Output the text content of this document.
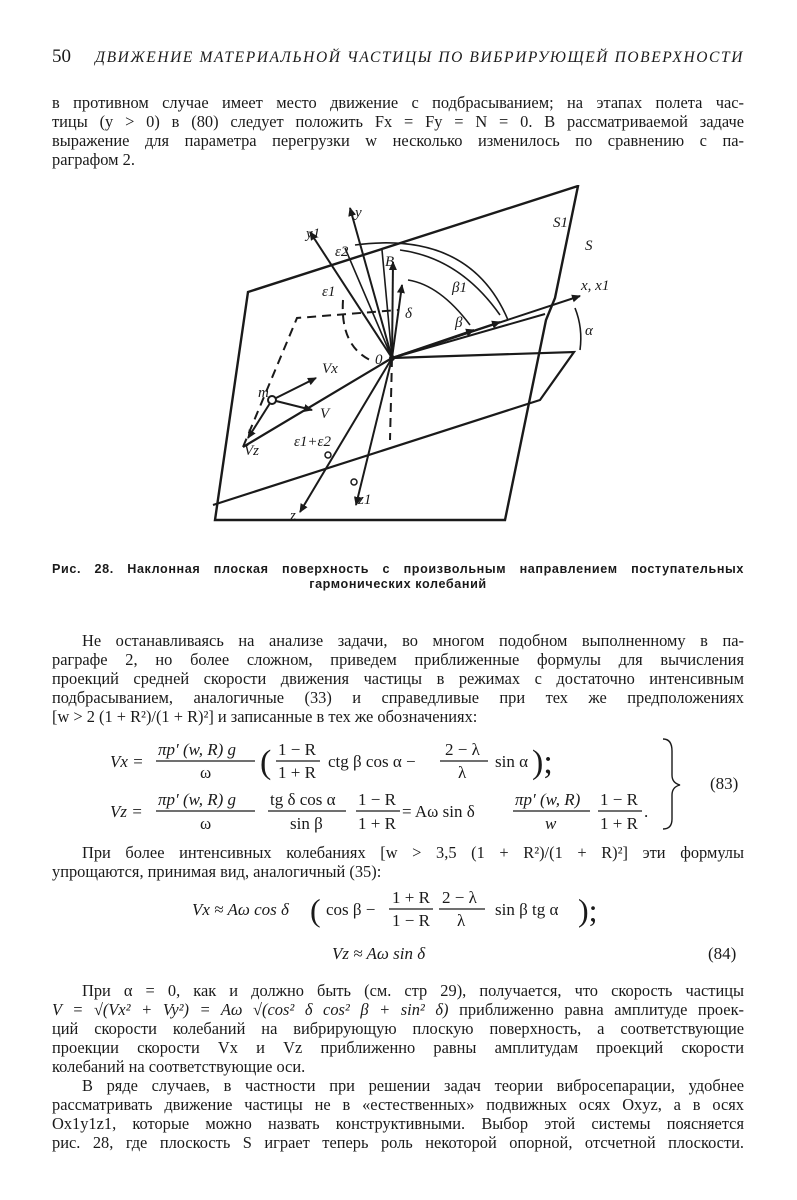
50 ДВИЖЕНИЕ МАТЕРИАЛЬНОЙ ЧАСТИЦЫ ПО ВИБРИРУЮЩЕЙ ПОВЕРХНОСТИ
в противном случае имеет место движение с подбрасыванием; на этапах полета час-
тицы (y > 0) в (80) следует положить Fx = Fy = N = 0. В рассматриваемой задаче
выражение для параметра перегрузки w несколько изменилось по сравнению с па-
раграфом 2.
y
y1
x, x1
S1
S
β1
β
B
δ
α
0
ε1
ε2
ε1+ε2
m
Vx
V
Vz
z
z1
Рис. 28. Наклонная плоская поверхность с произвольным направлением поступательных
гармонических колебаний
Не останавливаясь на анализе задачи, во многом подобном выполненному в па-
раграфе 2, но более сложном, приведем приближенные формулы для вычисления
проекций средней скорости движения частицы в режимах с достаточно интенсивным
подбрасыванием, аналогичные (33) и справедливые при тех же предположениях
[w > 2 (1 + R²)/(1 + R)²] и записанные в тех же обозначениях:
Vx =
πp′ (w, R) g
ω ( 1 − R
1 + R
ctg β cos α −
2 − λ
λ
sin α );
Vz =
πp′ (w, R) g
ω
tg δ cos α
sin β
1 − R
1 + R
= Aω sin δ
πp′ (w, R)
w
1 − R
1 + R
.
(83)
При более интенсивных колебаниях [w > 3,5 (1 + R²)/(1 + R)²] эти формулы
упрощаются, принимая вид, аналогичный (35):
Vx ≈ Aω cos δ ( cos β −
1 + R
1 − R
2 − λ
λ
sin β tg α );
Vz ≈ Aω sin δ	(84)
При α = 0, как и должно быть (см. стр 29), получается, что скорость частицы
V = √(Vx² + Vy²) = Aω √(cos² δ cos² β + sin² δ) приближенно равна амплитуде проек-
ций скорости колебаний на вибрирующую плоскую поверхность, а соответствующие
проекции скорости Vx и Vz приближенно равны амплитудам проекций скорости
колебаний на соответствующие оси.
В ряде случаев, в частности при решении задач теории вибросепарации, удобнее
рассматривать движение частицы не в «естественных» подвижных осях Oxyz, а в осях
Ox1y1z1, которые можно назвать конструктивными. Выбор этой системы поясняется
рис. 28, где плоскость S играет теперь роль некоторой опорной, отсчетной плоскости.
